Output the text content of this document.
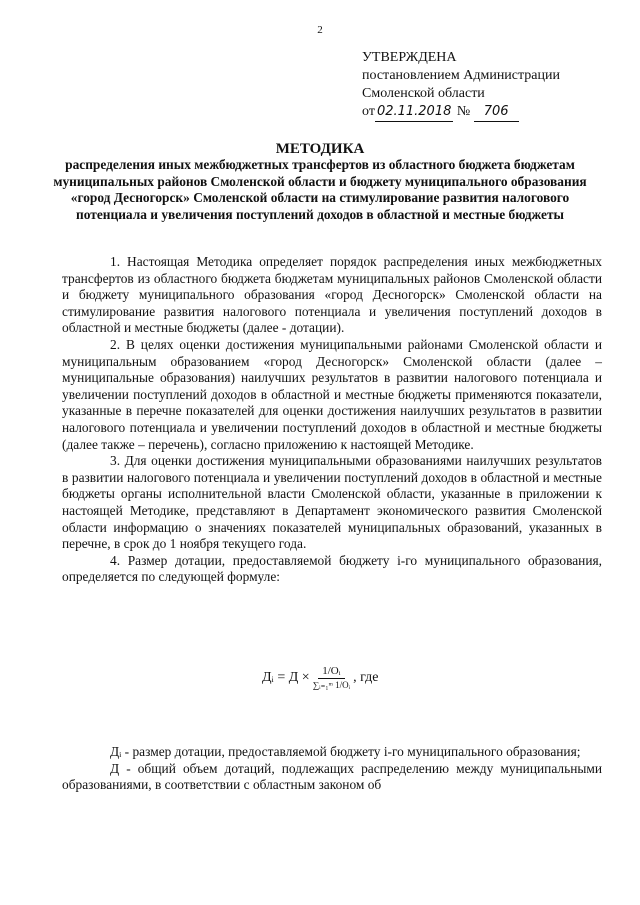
2
УТВЕРЖДЕНА
постановлением Администрации
Смоленской области
от 02.11.2018 № 706
МЕТОДИКА
распределения иных межбюджетных трансфертов из областного бюджета бюджетам муниципальных районов Смоленской области и бюджету муниципального образования «город Десногорск» Смоленской области на стимулирование развития налогового потенциала и увеличения поступлений доходов в областной и местные бюджеты

1. Настоящая Методика определяет порядок распределения иных межбюджетных трансфертов из областного бюджета бюджетам муниципальных районов Смоленской области и бюджету муниципального образования «город Десногорск» Смоленской области на стимулирование развития налогового потенциала и увеличения поступлений доходов в областной и местные бюджеты (далее - дотации).

2. В целях оценки достижения муниципальными районами Смоленской области и муниципальным образованием «город Десногорск» Смоленской области (далее – муниципальные образования) наилучших результатов в развитии налогового потенциала и увеличении поступлений доходов в областной и местные бюджеты применяются показатели, указанные в перечне показателей для оценки достижения наилучших результатов в развитии налогового потенциала и увеличении поступлений доходов в областной и местные бюджеты (далее также – перечень), согласно приложению к настоящей Методике.

3. Для оценки достижения муниципальными образованиями наилучших результатов в развитии налогового потенциала и увеличении поступлений доходов в областной и местные бюджеты органы исполнительной власти Смоленской области, указанные в приложении к настоящей Методике, представляют в Департамент экономического развития Смоленской области информацию о значениях показателей муниципальных образований, указанных в перечне, в срок до 1 ноября текущего года.

4. Размер дотации, предоставляемой бюджету i-го муниципального образования, определяется по следующей формуле:

Дᵢ = $Д \times \frac{\text{1/Оᵢ}}{\text{∑ᵢ₌₁ᵐ 1/Оᵢ}}$ , где

Дᵢ - размер дотации, предоставляемой бюджету i-го муниципального образования;

Д - общий объем дотаций, подлежащих распределению между муниципальными образованиями, в соответствии с областным законом об
